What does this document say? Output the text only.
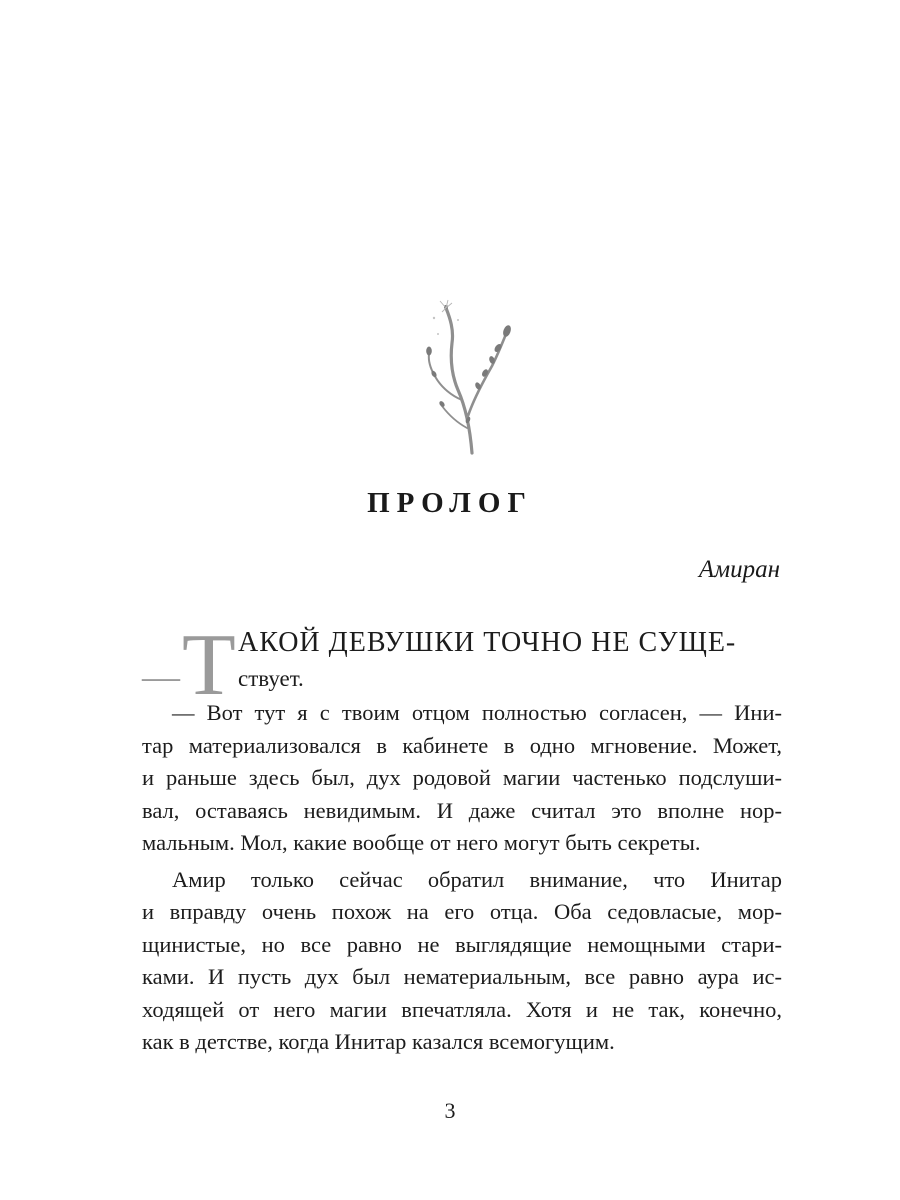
ПРОЛОГ
Амиран
— Т АКОЙ ДЕВУШКИ ТОЧНО НЕ СУЩЕ-
ствует.
— Вот тут я с твоим отцом полностью согласен, — Ини-
тар материализовался в кабинете в одно мгновение. Может,
и раньше здесь был, дух родовой магии частенько подслуши-
вал, оставаясь невидимым. И даже считал это вполне нор-
мальным. Мол, какие вообще от него могут быть секреты.
Амир только сейчас обратил внимание, что Инитар
и вправду очень похож на его отца. Оба седовласые, мор-
щинистые, но все равно не выглядящие немощными стари-
ками. И пусть дух был нематериальным, все равно аура ис-
ходящей от него магии впечатляла. Хотя и не так, конечно,
как в детстве, когда Инитар казался всемогущим.
3
